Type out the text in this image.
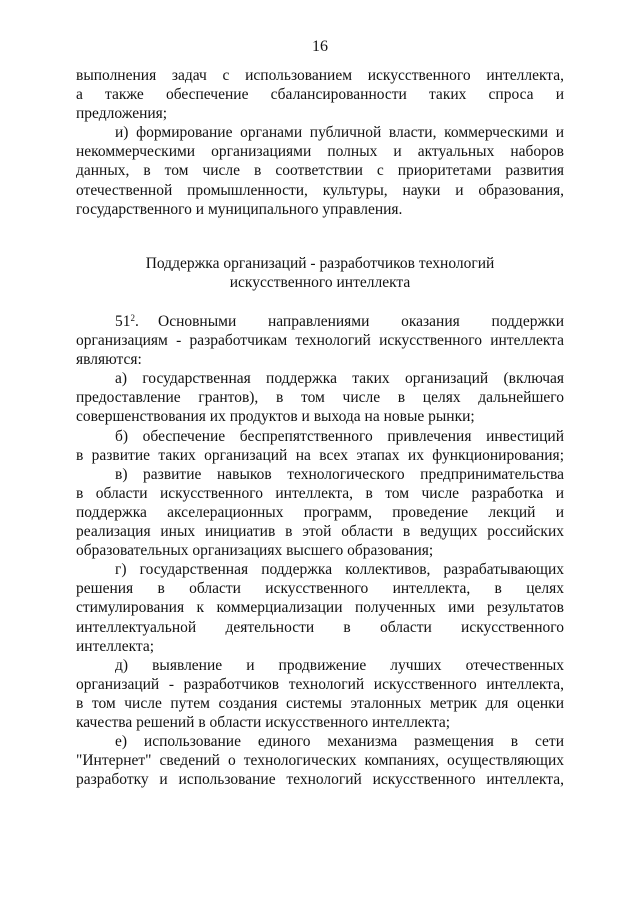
16
выполнения задач с использованием искусственного интеллекта,
а также обеспечение сбалансированности таких спроса и
предложения;
и) формирование органами публичной власти, коммерческими и
некоммерческими организациями полных и актуальных наборов
данных, в том числе в соответствии с приоритетами развития
отечественной промышленности, культуры, науки и образования,
государственного и муниципального управления.
Поддержка организаций - разработчиков технологий
искусственного интеллекта
$51^2$. Основными направлениями оказания поддержки
организациям - разработчикам технологий искусственного интеллекта
являются:
а) государственная поддержка таких организаций (включая
предоставление грантов), в том числе в целях дальнейшего
совершенствования их продуктов и выхода на новые рынки;
б) обеспечение беспрепятственного привлечения инвестиций
в развитие таких организаций на всех этапах их функционирования;
в) развитие навыков технологического предпринимательства
в области искусственного интеллекта, в том числе разработка и
поддержка акселерационных программ, проведение лекций и
реализация иных инициатив в этой области в ведущих российских
образовательных организациях высшего образования;
г) государственная поддержка коллективов, разрабатывающих
решения в области искусственного интеллекта, в целях
стимулирования к коммерциализации полученных ими результатов
интеллектуальной деятельности в области искусственного
интеллекта;
д) выявление и продвижение лучших отечественных
организаций - разработчиков технологий искусственного интеллекта,
в том числе путем создания системы эталонных метрик для оценки
качества решений в области искусственного интеллекта;
е) использование единого механизма размещения в сети
"Интернет" сведений о технологических компаниях, осуществляющих
разработку и использование технологий искусственного интеллекта,
